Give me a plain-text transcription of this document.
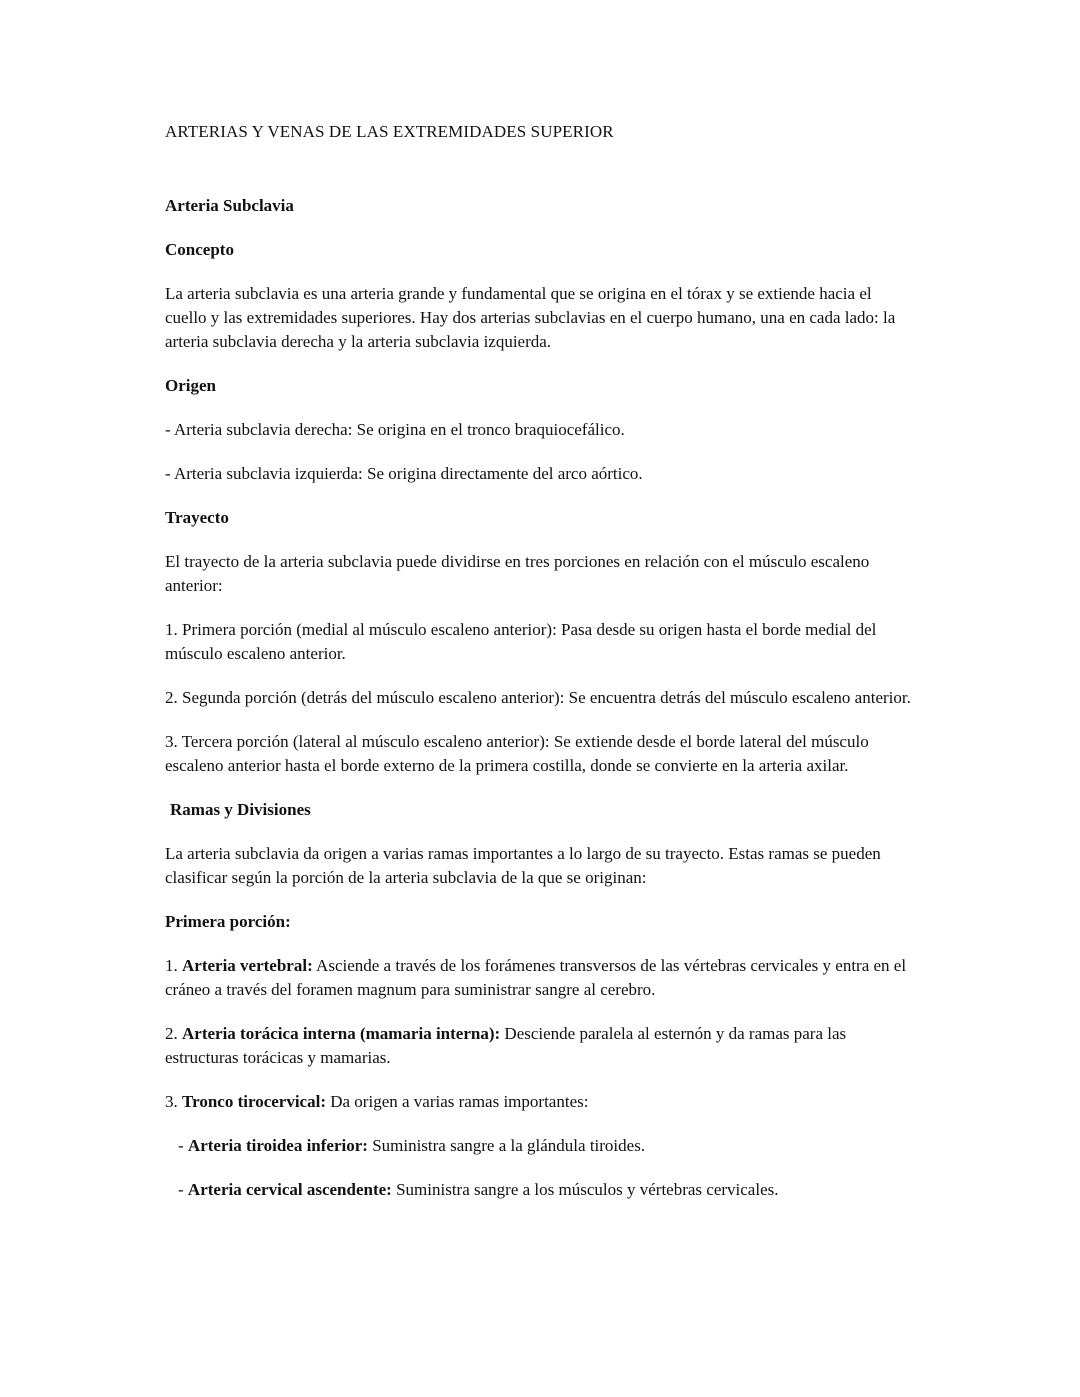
ARTERIAS Y VENAS DE LAS EXTREMIDADES SUPERIOR
Arteria Subclavia
Concepto
La arteria subclavia es una arteria grande y fundamental que se origina en el tórax y se extiende hacia el cuello y las extremidades superiores. Hay dos arterias subclavias en el cuerpo humano, una en cada lado: la arteria subclavia derecha y la arteria subclavia izquierda.
Origen
- Arteria subclavia derecha: Se origina en el tronco braquiocefálico.
- Arteria subclavia izquierda: Se origina directamente del arco aórtico.
Trayecto
El trayecto de la arteria subclavia puede dividirse en tres porciones en relación con el músculo escaleno anterior:
1. Primera porción (medial al músculo escaleno anterior): Pasa desde su origen hasta el borde medial del músculo escaleno anterior.
2. Segunda porción (detrás del músculo escaleno anterior): Se encuentra detrás del músculo escaleno anterior.
3. Tercera porción (lateral al músculo escaleno anterior): Se extiende desde el borde lateral del músculo escaleno anterior hasta el borde externo de la primera costilla, donde se convierte en la arteria axilar.
Ramas y Divisiones
La arteria subclavia da origen a varias ramas importantes a lo largo de su trayecto. Estas ramas se pueden clasificar según la porción de la arteria subclavia de la que se originan:
Primera porción:
1. Arteria vertebral: Asciende a través de los forámenes transversos de las vértebras cervicales y entra en el cráneo a través del foramen magnum para suministrar sangre al cerebro.
2. Arteria torácica interna (mamaria interna): Desciende paralela al esternón y da ramas para las estructuras torácicas y mamarias.
3. Tronco tirocervical: Da origen a varias ramas importantes:
- Arteria tiroidea inferior: Suministra sangre a la glándula tiroides.
- Arteria cervical ascendente: Suministra sangre a los músculos y vértebras cervicales.
